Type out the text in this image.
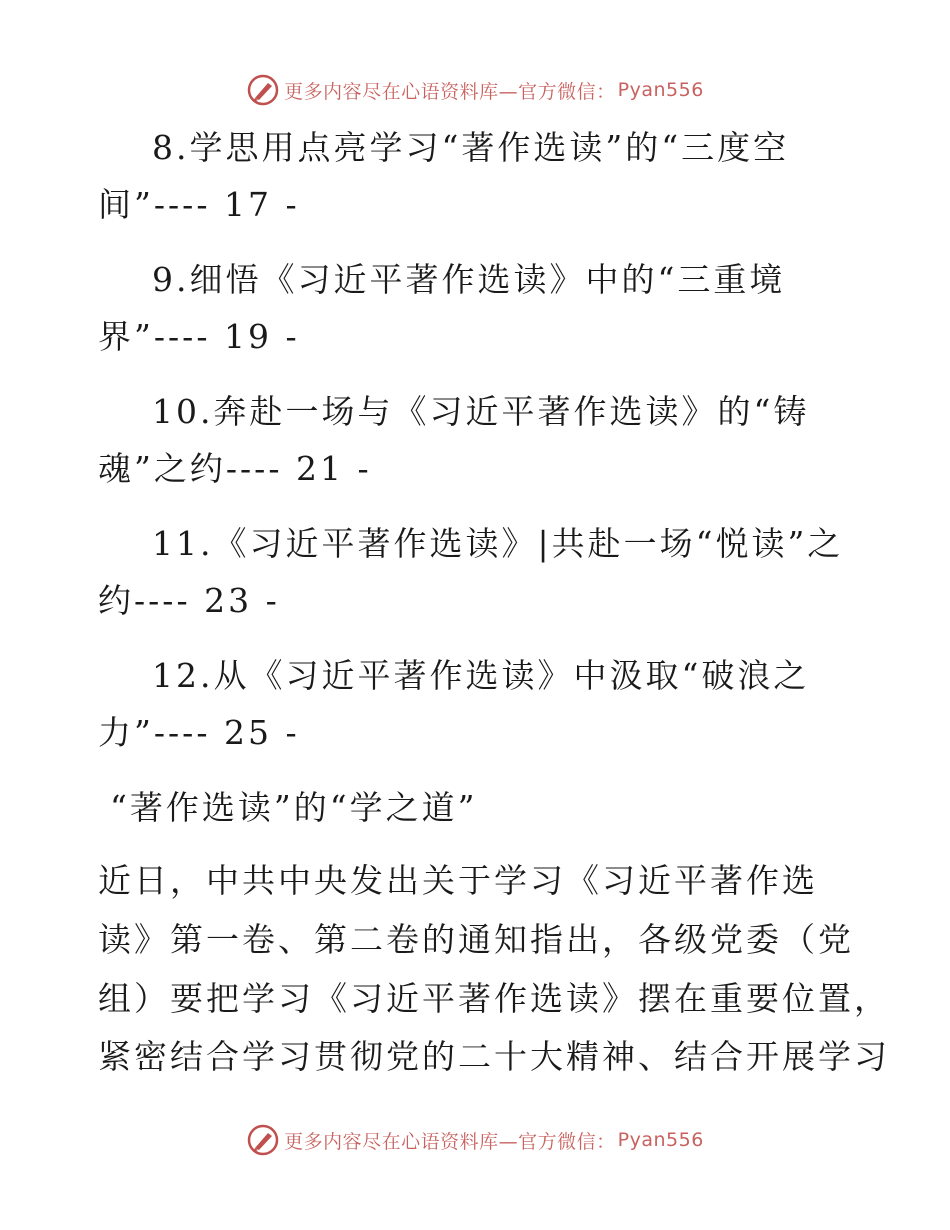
更多内容尽在心语资料库—官方微信： Pyan556
8.学思用点亮学习“著作选读”的“三度空
间”---- 17 -
9.细悟《习近平著作选读》中的“三重境
界”---- 19 -
10.奔赴一场与《习近平著作选读》的“铸
魂”之约---- 21 -
11.《习近平著作选读》|共赴一场“悦读”之
约---- 23 -
12.从《习近平著作选读》中汲取“破浪之
力”---- 25 -
“著作选读”的“学之道”
近日，中共中央发出关于学习《习近平著作选
读》第一卷、第二卷的通知指出，各级党委（党
组）要把学习《习近平著作选读》摆在重要位置，
紧密结合学习贯彻党的二十大精神、结合开展学习
更多内容尽在心语资料库—官方微信： Pyan556
